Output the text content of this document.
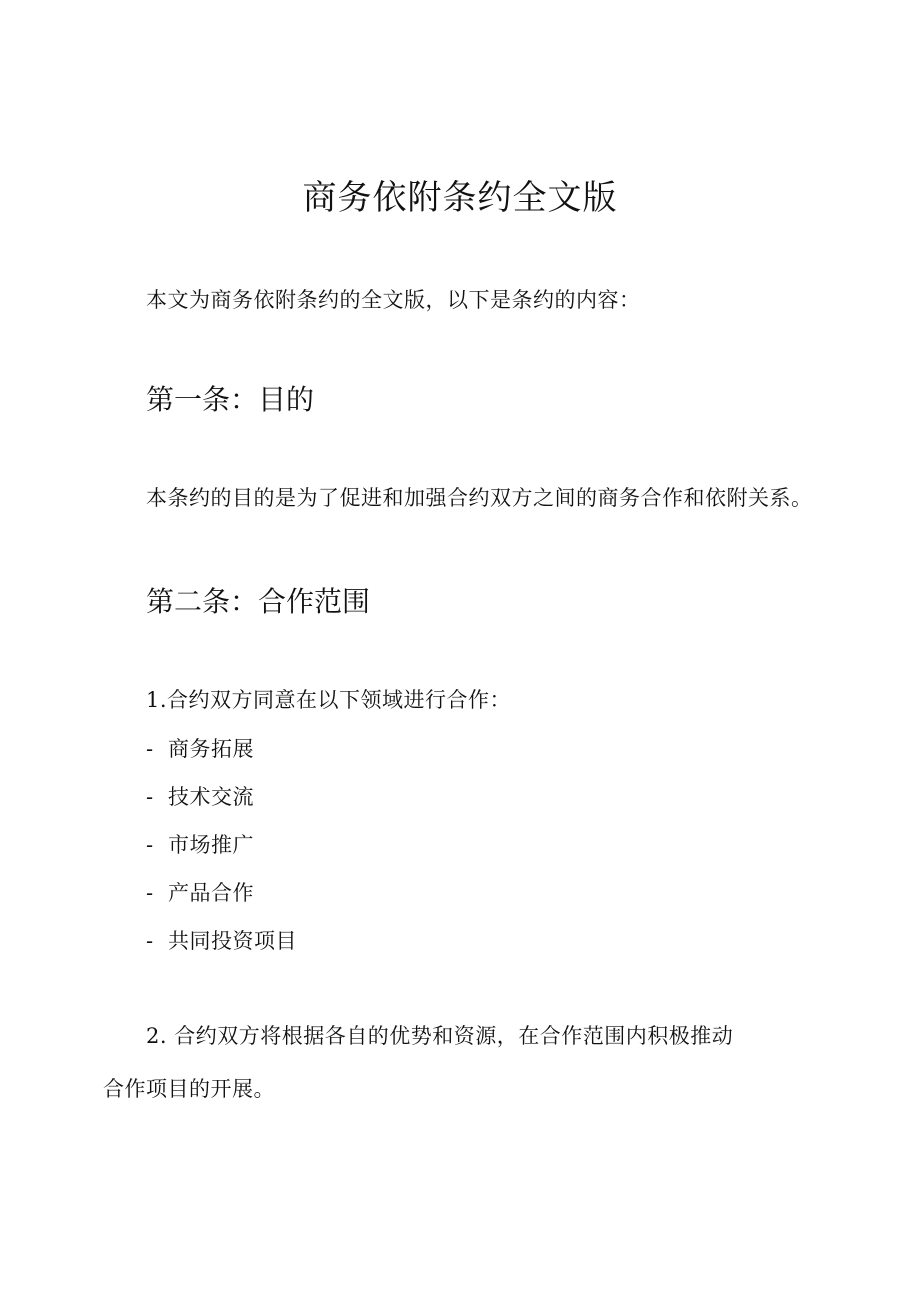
商务依附条约全文版

本文为商务依附条约的全文版，以下是条约的内容：

第一条：目的

本条约的目的是为了促进和加强合约双方之间的商务合作和依附关系。

第二条：合作范围

1.合约双方同意在以下领域进行合作：

- 商务拓展

- 技术交流

- 市场推广

- 产品合作

- 共同投资项目

2. 合约双方将根据各自的优势和资源，在合作范围内积极推动

合作项目的开展。
